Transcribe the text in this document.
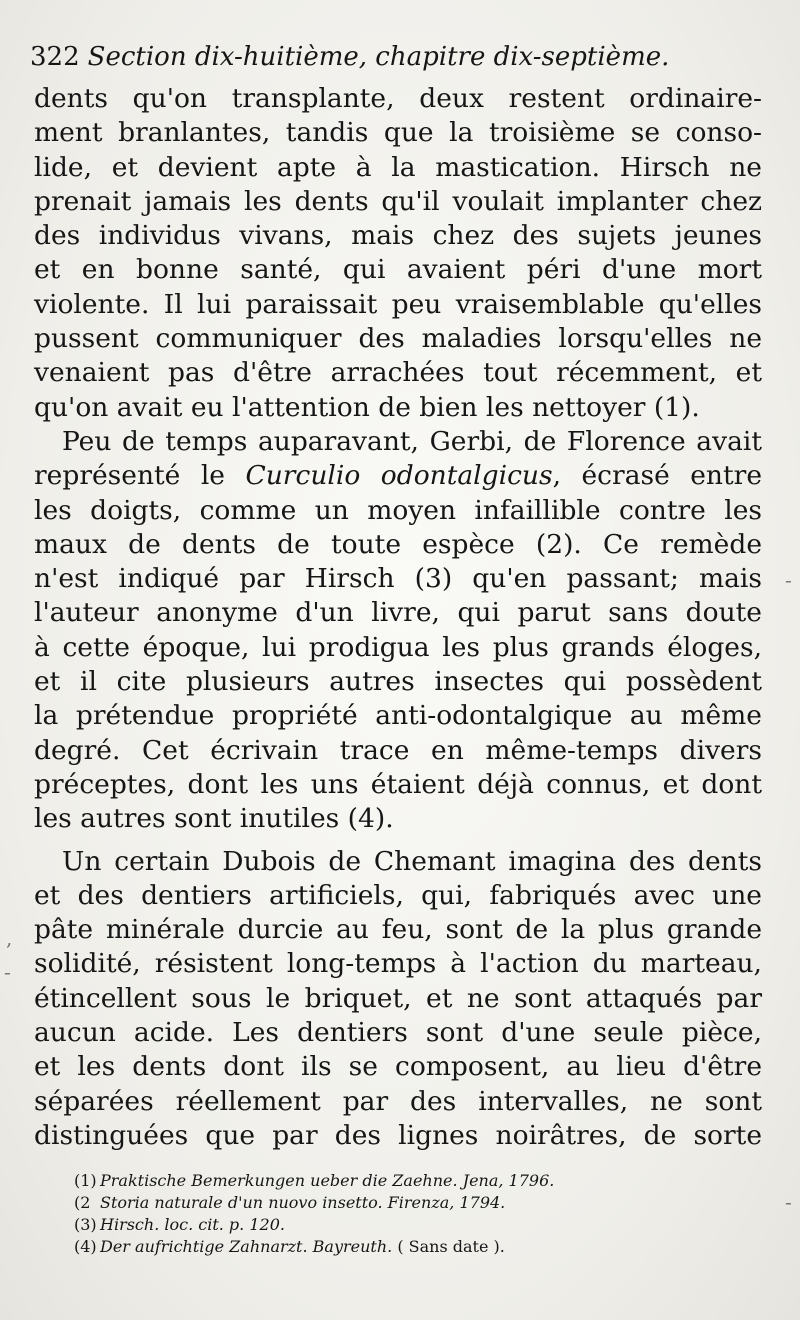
,
-
-
-
322 Section dix-huitième, chapitre dix-septième.
dents qu'on transplante, deux restent ordinaire-
ment branlantes, tandis que la troisième se conso-
lide, et devient apte à la mastication. Hirsch ne
prenait jamais les dents qu'il voulait implanter chez
des individus vivans, mais chez des sujets jeunes
et en bonne santé, qui avaient péri d'une mort
violente. Il lui paraissait peu vraisemblable qu'elles
pussent communiquer des maladies lorsqu'elles ne
venaient pas d'être arrachées tout récemment, et
qu'on avait eu l'attention de bien les nettoyer (1).
Peu de temps auparavant, Gerbi, de Florence avait
représenté le Curculio odontalgicus, écrasé entre
les doigts, comme un moyen infaillible contre les
maux de dents de toute espèce (2). Ce remède
n'est indiqué par Hirsch (3) qu'en passant; mais
l'auteur anonyme d'un livre, qui parut sans doute
à cette époque, lui prodigua les plus grands éloges,
et il cite plusieurs autres insectes qui possèdent
la prétendue propriété anti-odontalgique au même
degré. Cet écrivain trace en même-temps divers
préceptes, dont les uns étaient déjà connus, et dont
les autres sont inutiles (4).
Un certain Dubois de Chemant imagina des dents
et des dentiers artificiels, qui, fabriqués avec une
pâte minérale durcie au feu, sont de la plus grande
solidité, résistent long-temps à l'action du marteau,
étincellent sous le briquet, et ne sont attaqués par
aucun acide. Les dentiers sont d'une seule pièce,
et les dents dont ils se composent, au lieu d'être
séparées réellement par des intervalles, ne sont
distinguées que par des lignes noirâtres, de sorte
(1) Praktische Bemerkungen ueber die Zaehne. Jena, 1796.
(2 Storia naturale d'un nuovo insetto. Firenza, 1794.
(3) Hirsch. loc. cit. p. 120.
(4) Der aufrichtige Zahnarzt. Bayreuth. ( Sans date ).
